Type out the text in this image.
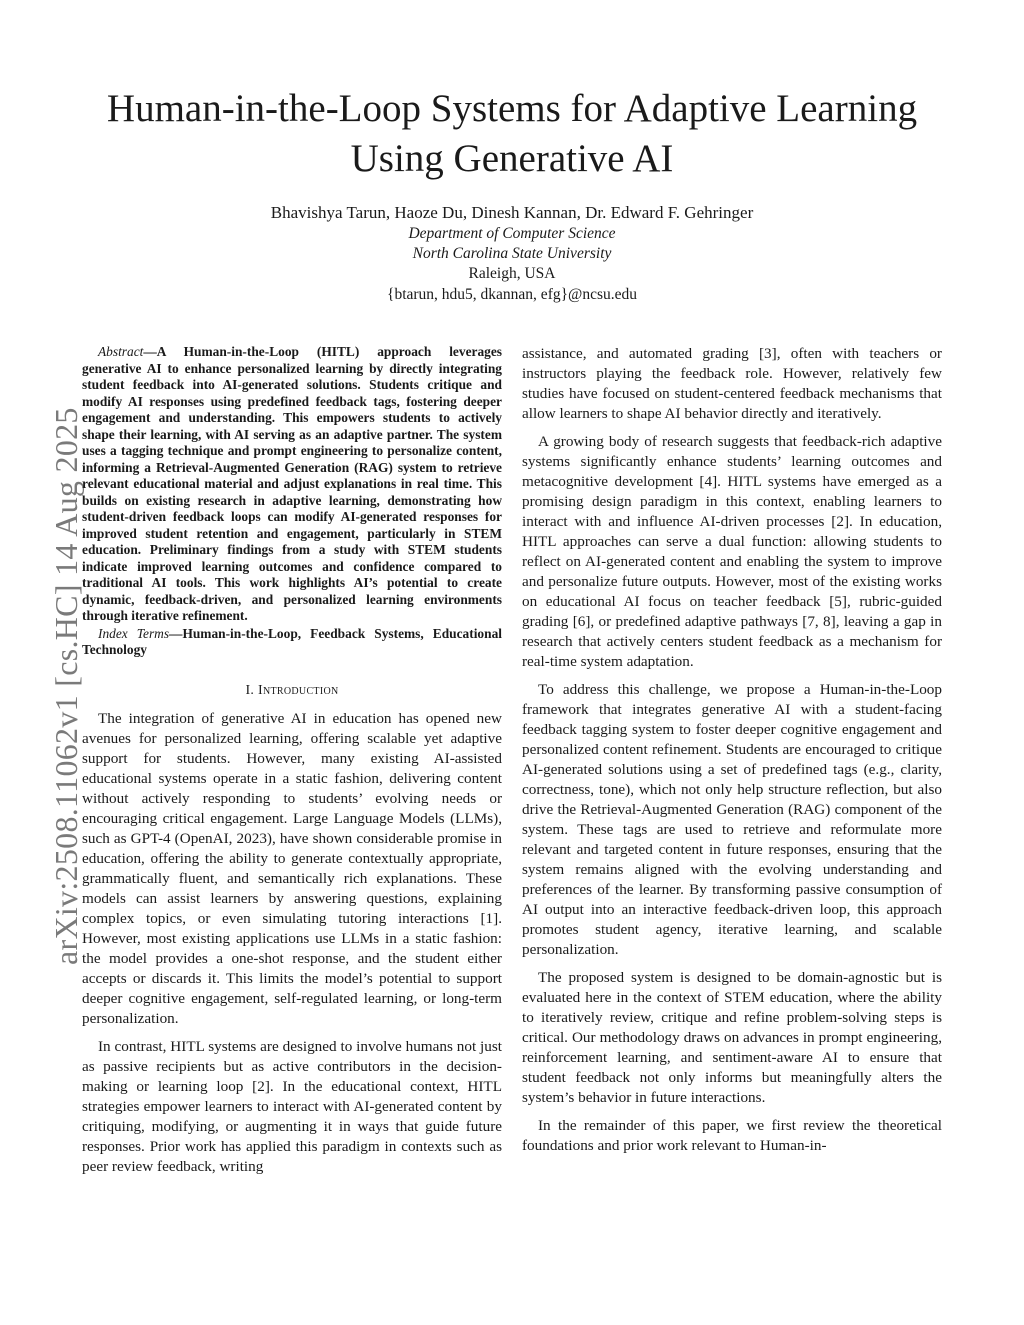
Human-in-the-Loop Systems for Adaptive Learning
Using Generative AI
Bhavishya Tarun, Haoze Du, Dinesh Kannan, Dr. Edward F. Gehringer
Department of Computer Science
North Carolina State University
Raleigh, USA
{btarun, hdu5, dkannan, efg}@ncsu.edu
arXiv:2508.11062v1 [cs.HC] 14 Aug 2025

Abstract—A Human-in-the-Loop (HITL) approach leverages generative AI to enhance personalized learning by directly integrating student feedback into AI-generated solutions. Students critique and modify AI responses using predefined feedback tags, fostering deeper engagement and understanding. This empowers students to actively shape their learning, with AI serving as an adaptive partner. The system uses a tagging technique and prompt engineering to personalize content, informing a Retrieval-Augmented Generation (RAG) system to retrieve relevant educational material and adjust explanations in real time. This builds on existing research in adaptive learning, demonstrating how student-driven feedback loops can modify AI-generated responses for improved student retention and engagement, particularly in STEM education. Preliminary findings from a study with STEM students indicate improved learning outcomes and confidence compared to traditional AI tools. This work highlights AI’s potential to create dynamic, feedback-driven, and personalized learning environments through iterative refinement.

Index Terms—Human-in-the-Loop, Feedback Systems, Educational Technology

I. Introduction

The integration of generative AI in education has opened new avenues for personalized learning, offering scalable yet adaptive support for students. However, many existing AI-assisted educational systems operate in a static fashion, delivering content without actively responding to students’ evolving needs or encouraging critical engagement. Large Language Models (LLMs), such as GPT-4 (OpenAI, 2023), have shown considerable promise in education, offering the ability to generate contextually appropriate, grammatically fluent, and semantically rich explanations. These models can assist learners by answering questions, explaining complex topics, or even simulating tutoring interactions [1]. However, most existing applications use LLMs in a static fashion: the model provides a one-shot response, and the student either accepts or discards it. This limits the model’s potential to support deeper cognitive engagement, self-regulated learning, or long-term personalization.

In contrast, HITL systems are designed to involve humans not just as passive recipients but as active contributors in the decision-making or learning loop [2]. In the educational context, HITL strategies empower learners to interact with AI-generated content by critiquing, modifying, or augmenting it in ways that guide future responses. Prior work has applied this paradigm in contexts such as peer review feedback, writing

assistance, and automated grading [3], often with teachers or instructors playing the feedback role. However, relatively few studies have focused on student-centered feedback mechanisms that allow learners to shape AI behavior directly and iteratively.

A growing body of research suggests that feedback-rich adaptive systems significantly enhance students’ learning outcomes and metacognitive development [4]. HITL systems have emerged as a promising design paradigm in this context, enabling learners to interact with and influence AI-driven processes [2]. In education, HITL approaches can serve a dual function: allowing students to reflect on AI-generated content and enabling the system to improve and personalize future outputs. However, most of the existing works on educational AI focus on teacher feedback [5], rubric-guided grading [6], or predefined adaptive pathways [7, 8], leaving a gap in research that actively centers student feedback as a mechanism for real-time system adaptation.

To address this challenge, we propose a Human-in-the-Loop framework that integrates generative AI with a student-facing feedback tagging system to foster deeper cognitive engagement and personalized content refinement. Students are encouraged to critique AI-generated solutions using a set of predefined tags (e.g., clarity, correctness, tone), which not only help structure reflection, but also drive the Retrieval-Augmented Generation (RAG) component of the system. These tags are used to retrieve and reformulate more relevant and targeted content in future responses, ensuring that the system remains aligned with the evolving understanding and preferences of the learner. By transforming passive consumption of AI output into an interactive feedback-driven loop, this approach promotes student agency, iterative learning, and scalable personalization.

The proposed system is designed to be domain-agnostic but is evaluated here in the context of STEM education, where the ability to iteratively review, critique and refine problem-solving steps is critical. Our methodology draws on advances in prompt engineering, reinforcement learning, and sentiment-aware AI to ensure that student feedback not only informs but meaningfully alters the system’s behavior in future interactions.

In the remainder of this paper, we first review the theoretical foundations and prior work relevant to Human-in-
